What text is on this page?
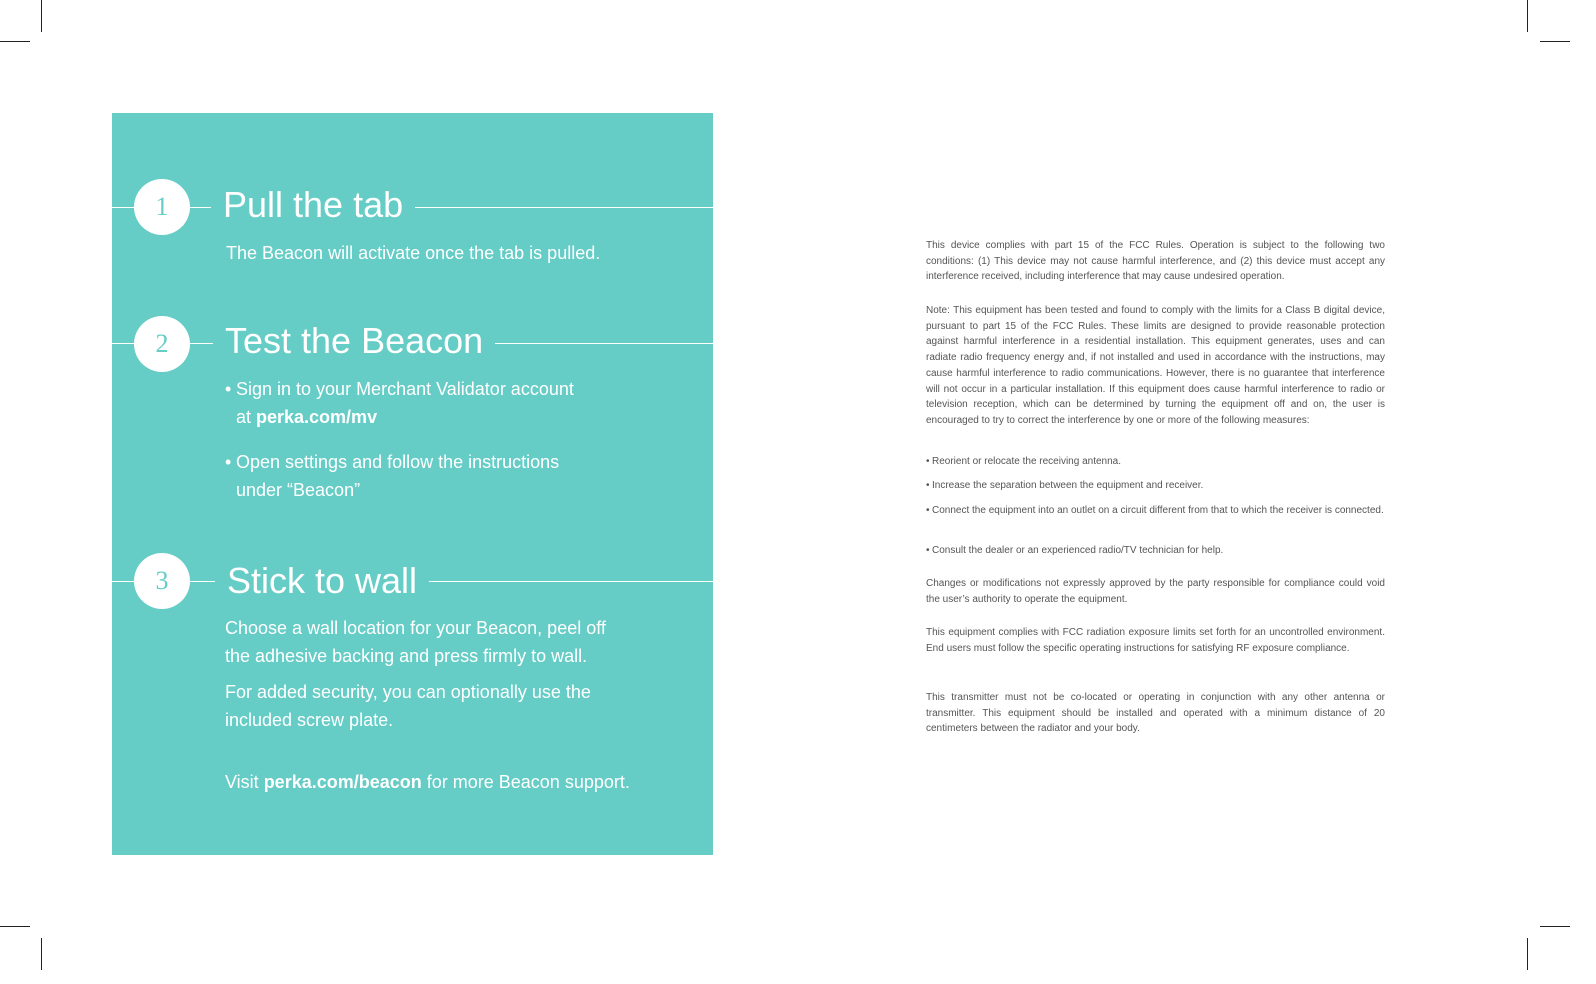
1	Pull the tab
The Beacon will activate once the tab is pulled.
2	Test the Beacon
• Sign in to your Merchant Validator account
at perka.com/mv
• Open settings and follow the instructions
under “Beacon”
3	Stick to wall
Choose a wall location for your Beacon, peel off the adhesive backing and press firmly to wall.
For added security, you can optionally use the included screw plate.
Visit perka.com/beacon for more Beacon support.
This device complies with part 15 of the FCC Rules. Operation is subject to the following two conditions: (1) This device may not cause harmful interference, and (2) this device must accept any interference received, including interference that may cause undesired operation.
Note: This equipment has been tested and found to comply with the limits for a Class B digital device, pursuant to part 15 of the FCC Rules. These limits are designed to provide reasonable protection against harmful interference in a residential installation. This equipment generates, uses and can radiate radio frequency energy and, if not installed and used in accordance with the instructions, may cause harmful interference to radio communications. However, there is no guarantee that interference will not occur in a particular installation. If this equipment does cause harmful interference to radio or television reception, which can be determined by turning the equipment off and on, the user is encouraged to try to correct the interference by one or more of the following measures:
• Reorient or relocate the receiving antenna.
• Increase the separation between the equipment and receiver.
• Connect the equipment into an outlet on a circuit different from that to which the receiver is connected.
• Consult the dealer or an experienced radio/TV technician for help.
Changes or modifications not expressly approved by the party responsible for compliance could void the user’s authority to operate the equipment.
This equipment complies with FCC radiation exposure limits set forth for an uncontrolled environment. End users must follow the specific operating instructions for satisfying RF exposure compliance.
This transmitter must not be co-located or operating in conjunction with any other antenna or transmitter. This equipment should be installed and operated with a minimum distance of 20 centimeters between the radiator and your body.
